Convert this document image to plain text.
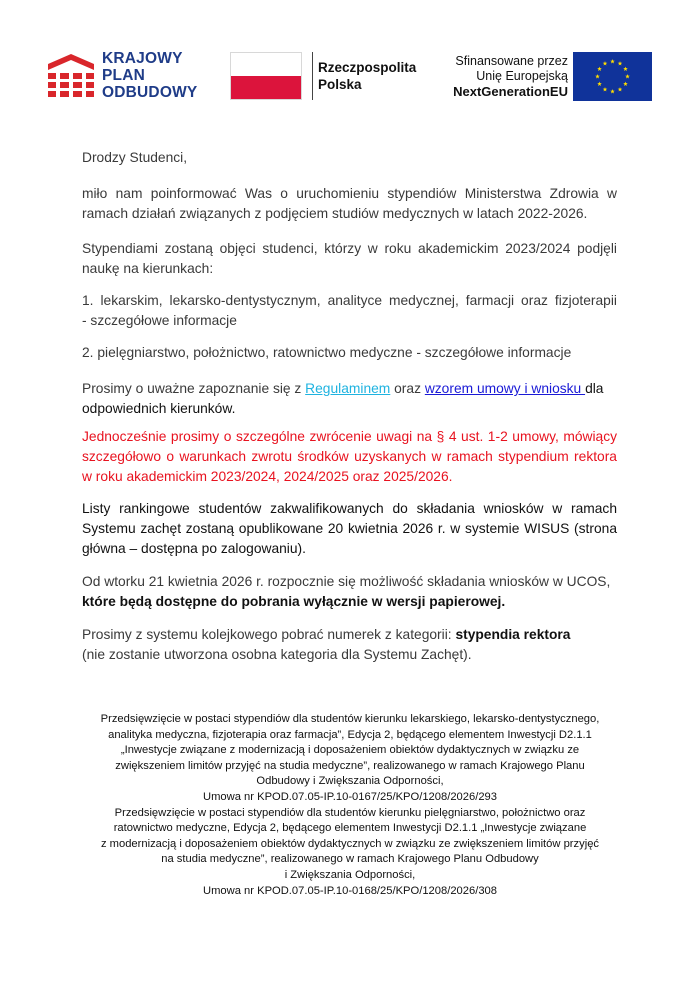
KRAJOWY
PLAN
ODBUDOWY
Rzeczpospolita
Polska
Sfinansowane przez
Unię Europejską
NextGenerationEU
Drodzy Studenci,
miło nam poinformować Was o uruchomieniu stypendiów Ministerstwa Zdrowia w
ramach działań związanych z podjęciem studiów medycznych w latach 2022-2026.
Stypendiami zostaną objęci studenci, którzy w roku akademickim 2023/2024 podjęli
naukę na kierunkach:
1. lekarskim, lekarsko-dentystycznym, analityce medycznej, farmacji oraz fizjoterapii
- szczegółowe informacje
2. pielęgniarstwo, położnictwo, ratownictwo medyczne - szczegółowe informacje
Prosimy o uważne zapoznanie się z Regulaminem oraz wzorem umowy i wniosku dla
odpowiednich kierunków.
Jednocześnie prosimy o szczególne zwrócenie uwagi na § 4 ust. 1-2 umowy, mówiący
szczegółowo o warunkach zwrotu środków uzyskanych w ramach stypendium rektora
w roku akademickim 2023/2024, 2024/2025 oraz 2025/2026.
Listy rankingowe studentów zakwalifikowanych do składania wniosków w ramach
Systemu zachęt zostaną opublikowane 20 kwietnia 2026 r. w systemie WISUS (strona
główna – dostępna po zalogowaniu).
Od wtorku 21 kwietnia 2026 r. rozpocznie się możliwość składania wniosków w UCOS,
które będą dostępne do pobrania wyłącznie w wersji papierowej.
Prosimy z systemu kolejkowego pobrać numerek z kategorii: stypendia rektora
(nie zostanie utworzona osobna kategoria dla Systemu Zachęt).
Przedsięwzięcie w postaci stypendiów dla studentów kierunku lekarskiego, lekarsko-dentystycznego,
analityka medyczna, fizjoterapia oraz farmacja”, Edycja 2, będącego elementem Inwestycji D2.1.1
„Inwestycje związane z modernizacją i doposażeniem obiektów dydaktycznych w związku ze
zwiększeniem limitów przyjęć na studia medyczne”, realizowanego w ramach Krajowego Planu
Odbudowy i Zwiększania Odporności,
Umowa nr KPOD.07.05-IP.10-0167/25/KPO/1208/2026/293
Przedsięwzięcie w postaci stypendiów dla studentów kierunku pielęgniarstwo, położnictwo oraz
ratownictwo medyczne, Edycja 2, będącego elementem Inwestycji D2.1.1 „Inwestycje związane
z modernizacją i doposażeniem obiektów dydaktycznych w związku ze zwiększeniem limitów przyjęć
na studia medyczne”, realizowanego w ramach Krajowego Planu Odbudowy
i Zwiększania Odporności,
Umowa nr KPOD.07.05-IP.10-0168/25/KPO/1208/2026/308
